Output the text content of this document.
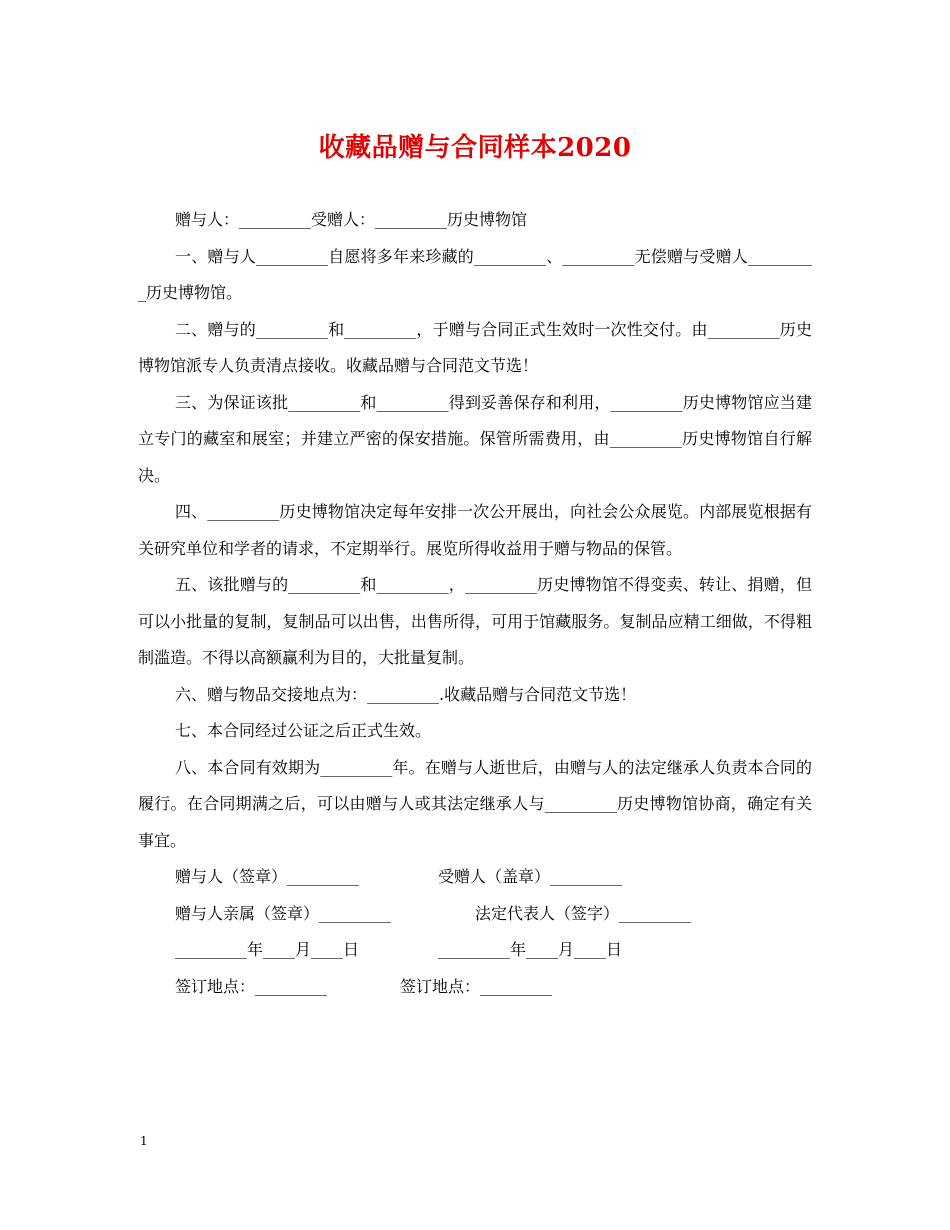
收藏品赠与合同样本2020

赠与人：_________受赠人：_________历史博物馆

一、赠与人_________自愿将多年来珍藏的_________、_________无偿赠与受赠人_________历史博物馆。

二、赠与的_________和_________，于赠与合同正式生效时一次性交付。由_________历史博物馆派专人负责清点接收。收藏品赠与合同范文节选！

三、为保证该批_________和_________得到妥善保存和利用，_________历史博物馆应当建立专门的藏室和展室；并建立严密的保安措施。保管所需费用，由_________历史博物馆自行解决。

四、_________历史博物馆决定每年安排一次公开展出，向社会公众展览。内部展览根据有关研究单位和学者的请求，不定期举行。展览所得收益用于赠与物品的保管。

五、该批赠与的_________和_________，_________历史博物馆不得变卖、转让、捐赠，但可以小批量的复制，复制品可以出售，出售所得，可用于馆藏服务。复制品应精工细做，不得粗制滥造。不得以高额赢利为目的，大批量复制。

六、赠与物品交接地点为：_________.收藏品赠与合同范文节选！

七、本合同经过公证之后正式生效。

八、本合同有效期为_________年。在赠与人逝世后，由赠与人的法定继承人负责本合同的履行。在合同期满之后，可以由赠与人或其法定继承人与_________历史博物馆协商，确定有关事宜。

赠与人（签章）_________	受赠人（盖章）_________
赠与人亲属（签章）_________	法定代表人（签字）_________
_________年____月____日	_________年____月____日
签订地点：_________	签订地点：_________
1
